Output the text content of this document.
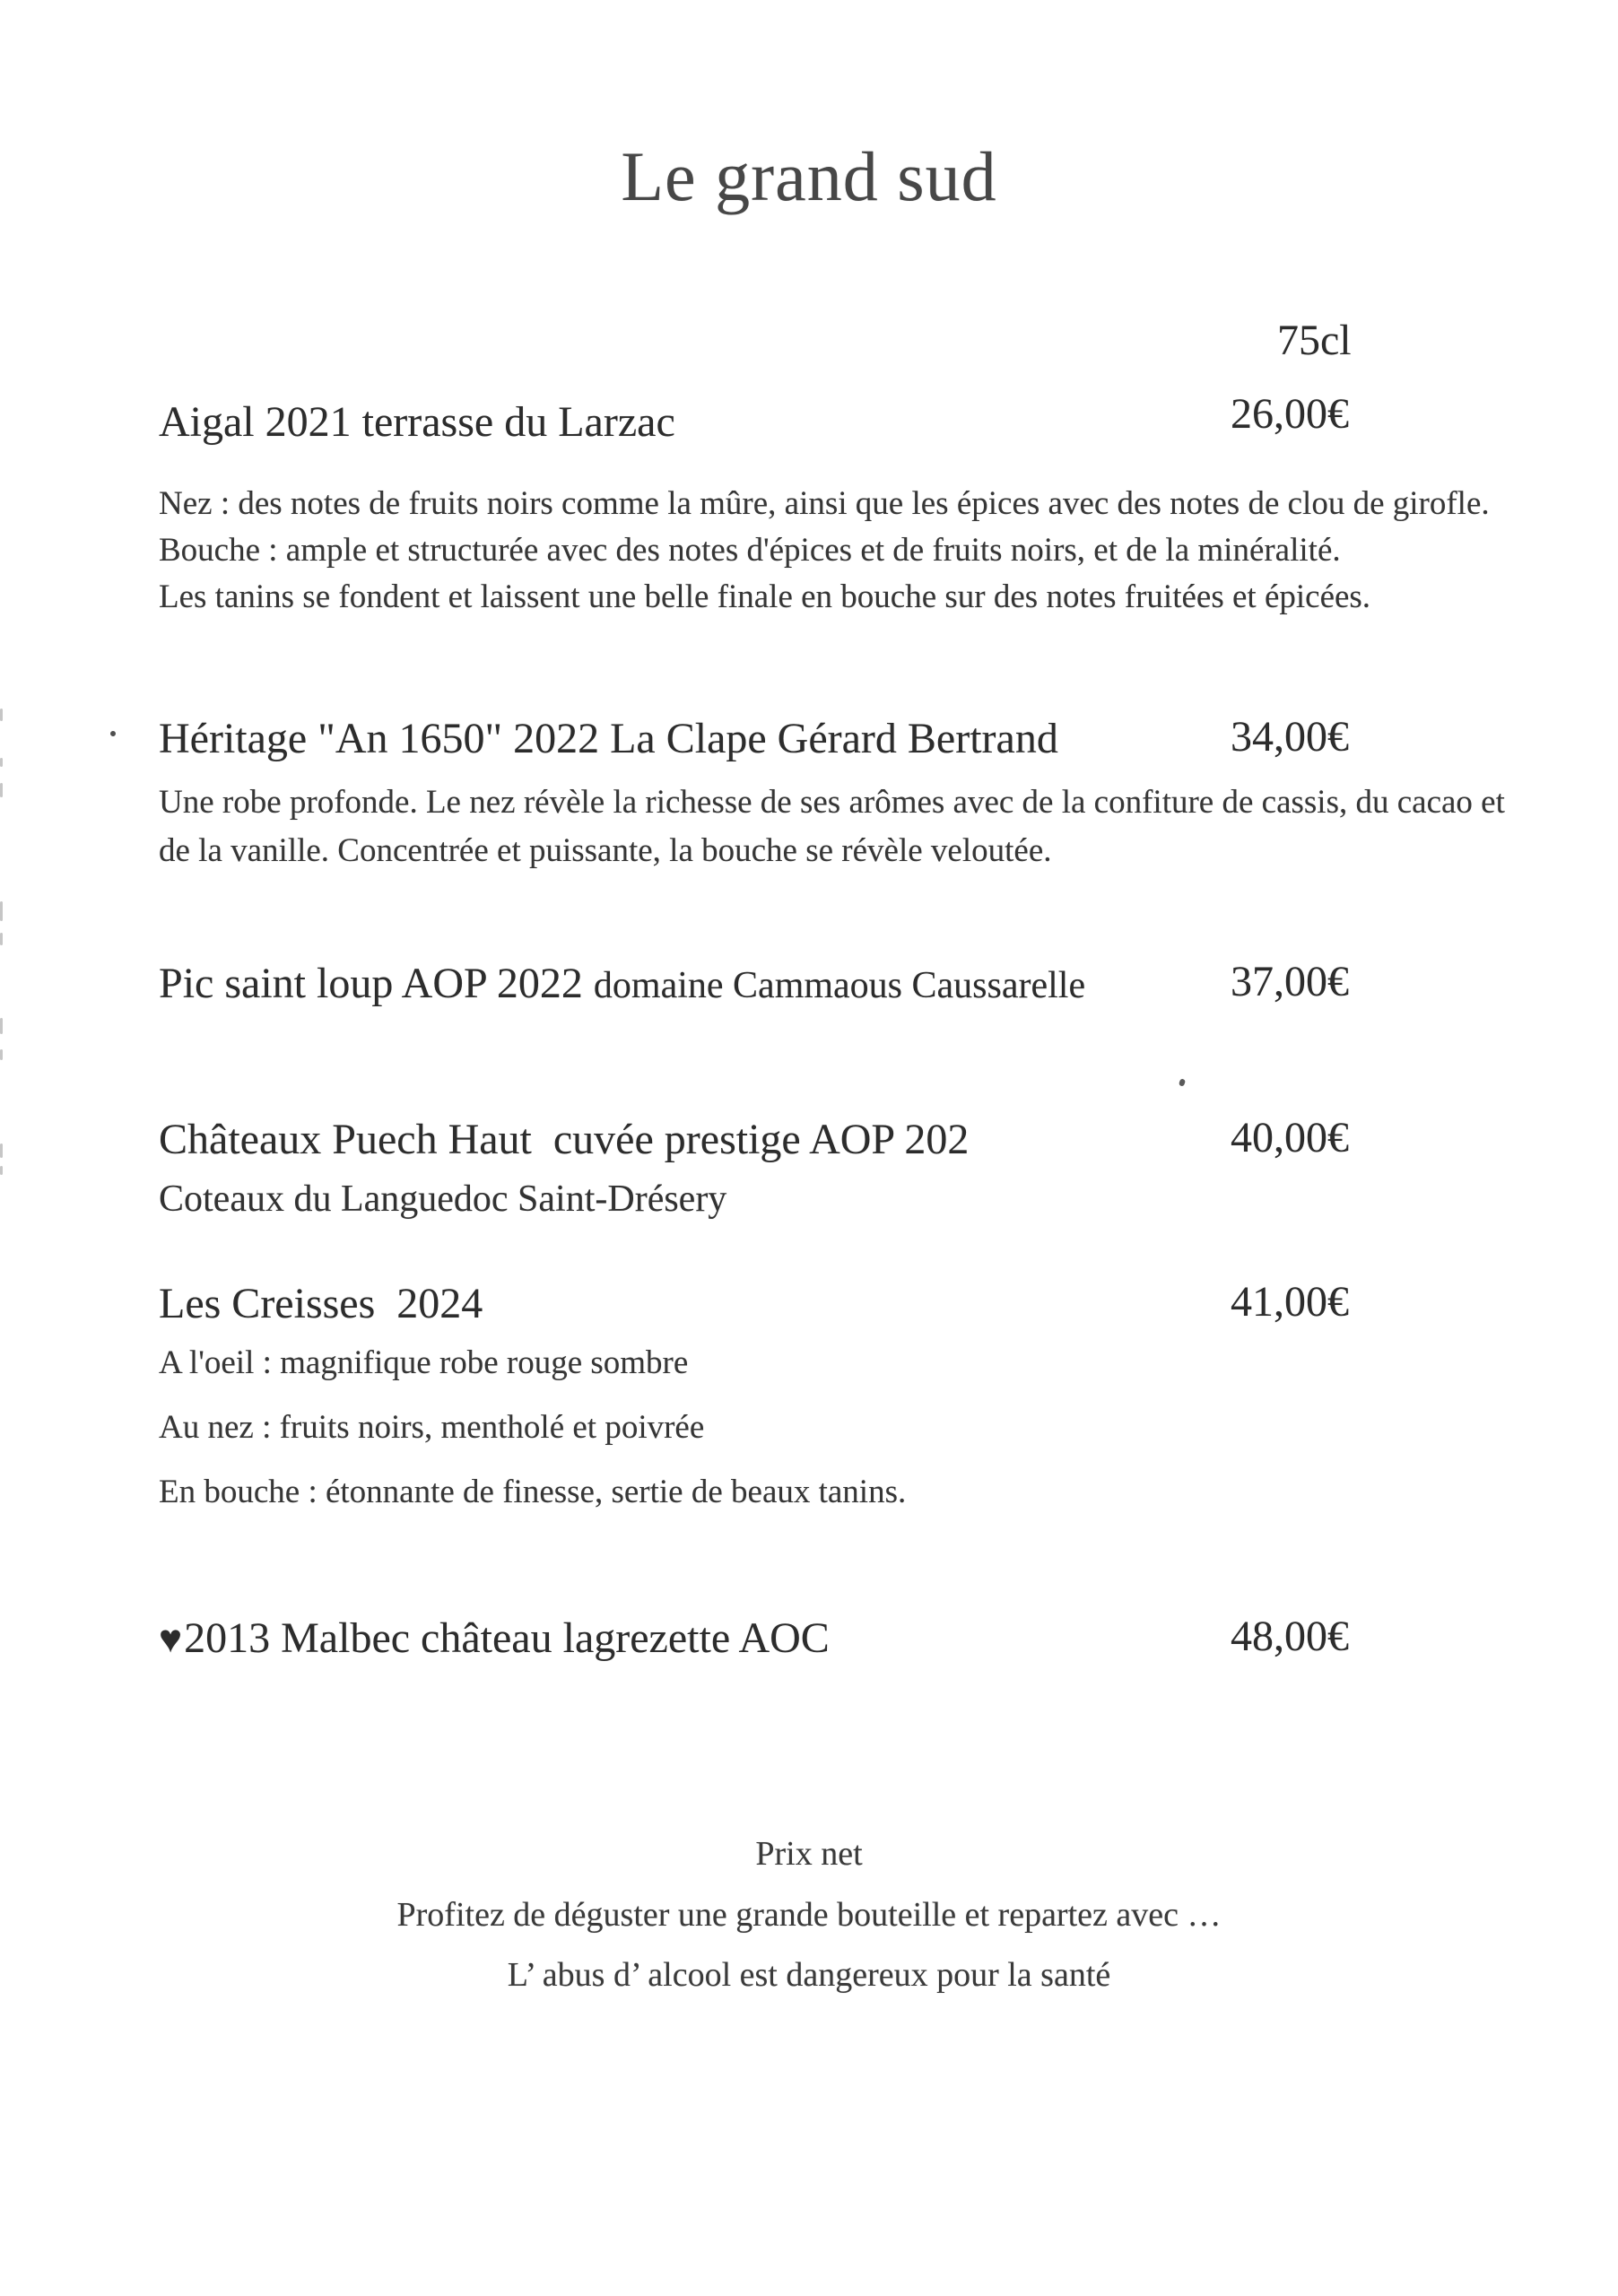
Le grand sud
75cl
Aigal 2021 terrasse du Larzac	26,00€

Nez : des notes de fruits noirs comme la mûre, ainsi que les épices avec des notes de clou de girofle.

Bouche : ample et structurée avec des notes d'épices et de fruits noirs, et de la minéralité.

Les tanins se fondent et laissent une belle finale en bouche sur des notes fruitées et épicées.

Héritage "An 1650" 2022 La Clape Gérard Bertrand	34,00€

Une robe profonde. Le nez révèle la richesse de ses arômes avec de la confiture de cassis, du cacao et de la vanille. Concentrée et puissante, la bouche se révèle veloutée.

Pic saint loup AOP 2022 domaine Cammaous Caussarelle	37,00€
Châteaux Puech Haut  cuvée prestige AOP 202	40,00€
Coteaux du Languedoc Saint-Drésery
Les Creisses  2024	41,00€

A l'oeil : magnifique robe rouge sombre

Au nez : fruits noirs, mentholé et poivrée

En bouche : étonnante de finesse, sertie de beaux tanins.

♥2013 Malbec château lagrezette AOC	48,00€
Prix net
Profitez de déguster une grande bouteille et repartez avec …
L’ abus d’ alcool est dangereux pour la santé
